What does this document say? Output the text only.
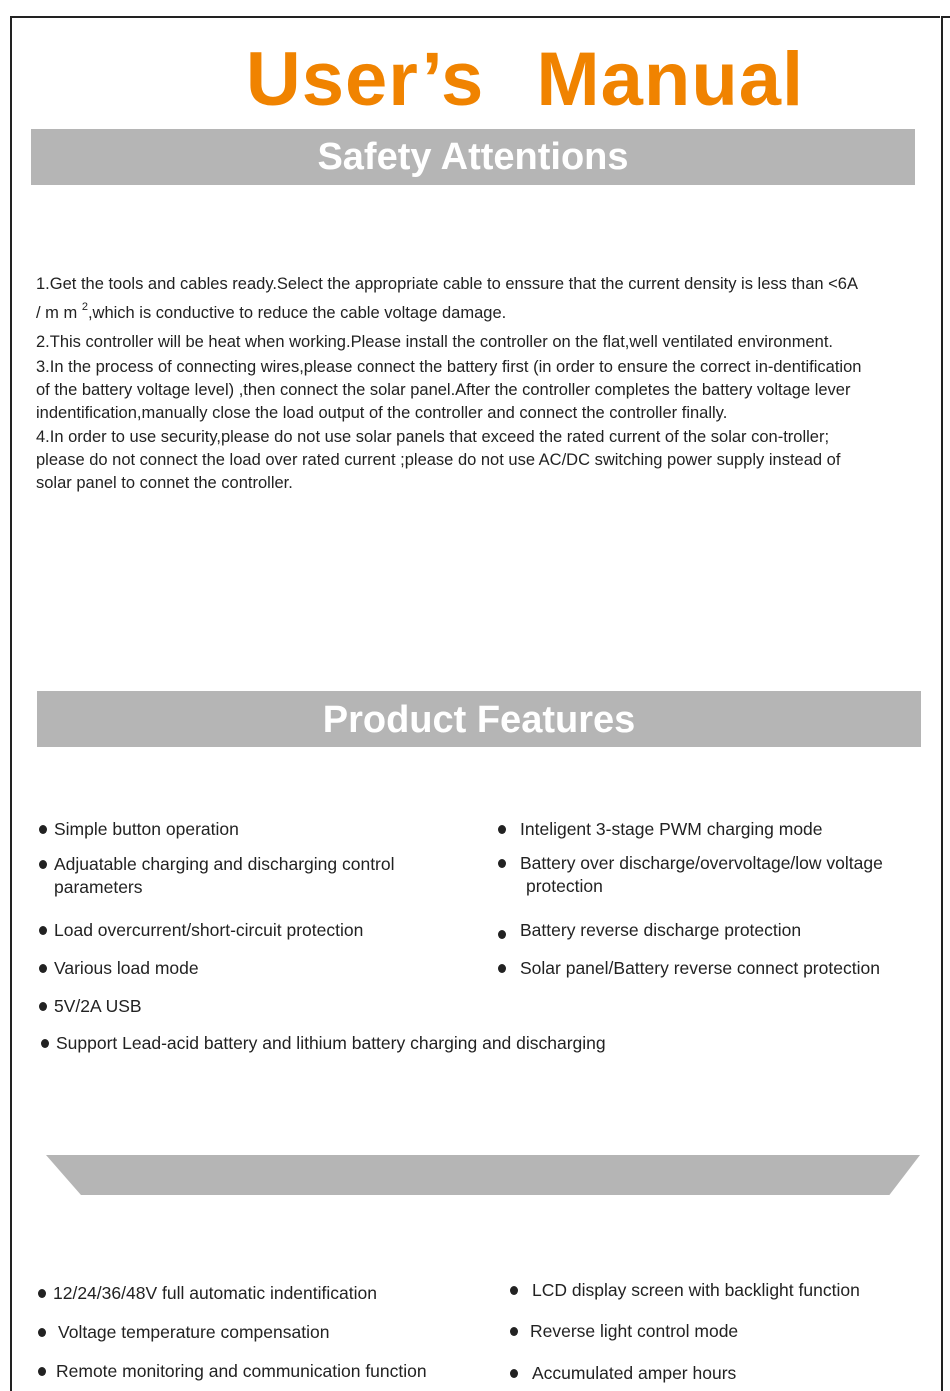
User’s Manual
Safety Attentions

1.Get the tools and cables ready.Select the appropriate cable to enssure that the current density is less than <6A / m m $^2$,which is conductive to reduce the cable voltage damage.

2.This controller will be heat when working.Please install the controller on the flat,well ventilated environment.

3.In the process of connecting wires,please connect the battery first (in order to ensure the correct in-dentification of the battery voltage level) ,then connect the solar panel.After the controller completes the battery voltage lever indentification,manually close the load output of the controller and connect the controller finally.

4.In order to use security,please do not use solar panels that exceed the rated current of the solar con-troller; please do not connect the load over rated current ;please do not use AC/DC switching power supply instead of solar panel to connet the controller.

Product Features
Simple button operation	Inteligent 3-stage PWM charging mode
Adjuatable charging and discharging control
parameters
Battery over discharge/overvoltage/low voltage
protection
Load overcurrent/short-circuit protection	Battery reverse discharge protection
Various load mode	Solar panel/Battery reverse connect protection
5V/2A USB
Support Lead-acid battery and lithium battery charging and discharging
12/24/36/48V full automatic indentification	LCD display screen with backlight function
Voltage temperature compensation	Reverse light control mode
Remote monitoring and communication function	Accumulated amper hours
